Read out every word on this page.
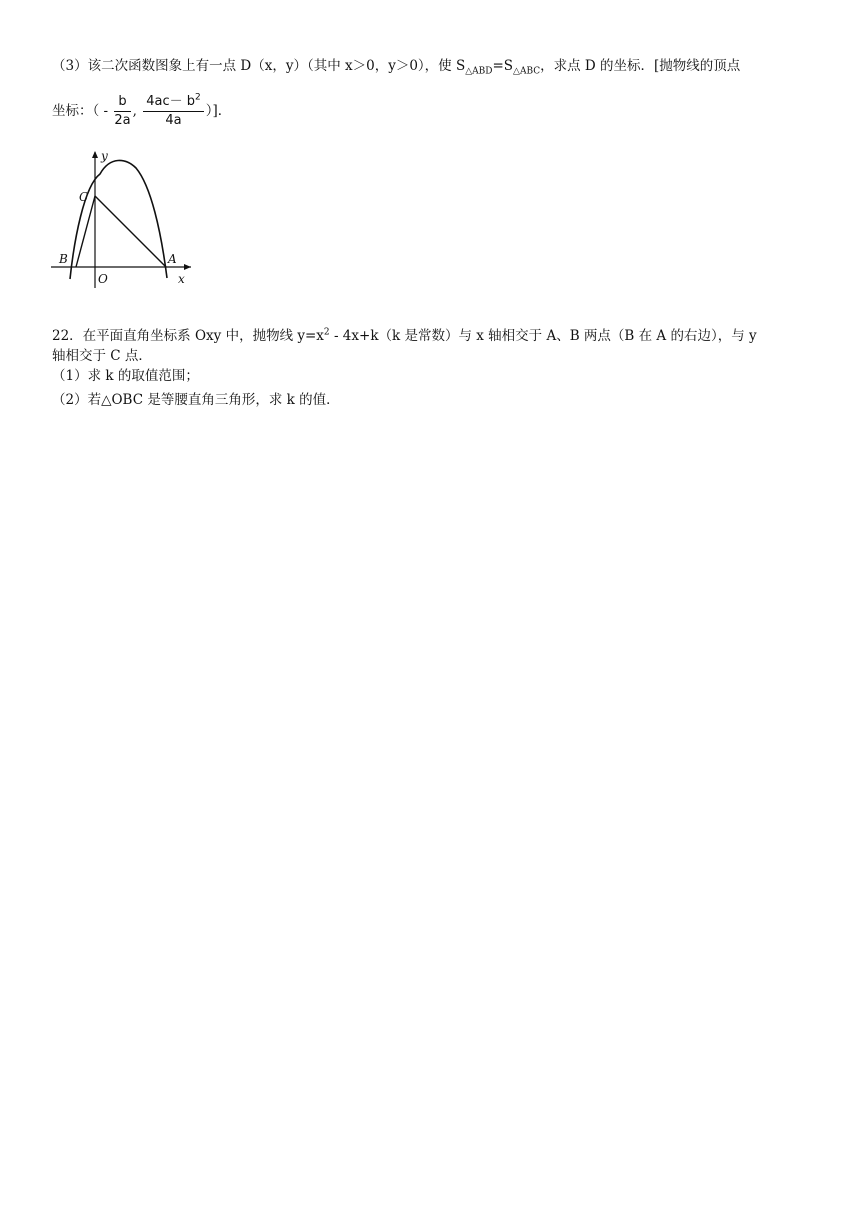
（3）该二次函数图象上有一点 D（x，y）（其中 x＞0，y＞0），使 $S_{\triangle ABD}=S_{\triangle ABC}$，求点 D 的坐标．[抛物线的顶点
坐标：（ - $\frac{b}{2a}$ , $\frac{4ac- b^2}{4a}$ ）]．
y
x
C
B	A
O
22．在平面直角坐标系 Oxy 中，抛物线 $y=x^2 - 4x+k(k$ 是常数）与 x 轴相交于 A、B 两点（B 在 A 的右边），与 y
轴相交于 C 点．
（1）求 k 的取值范围；
（2）若△OBC 是等腰直角三角形，求 k 的值．
